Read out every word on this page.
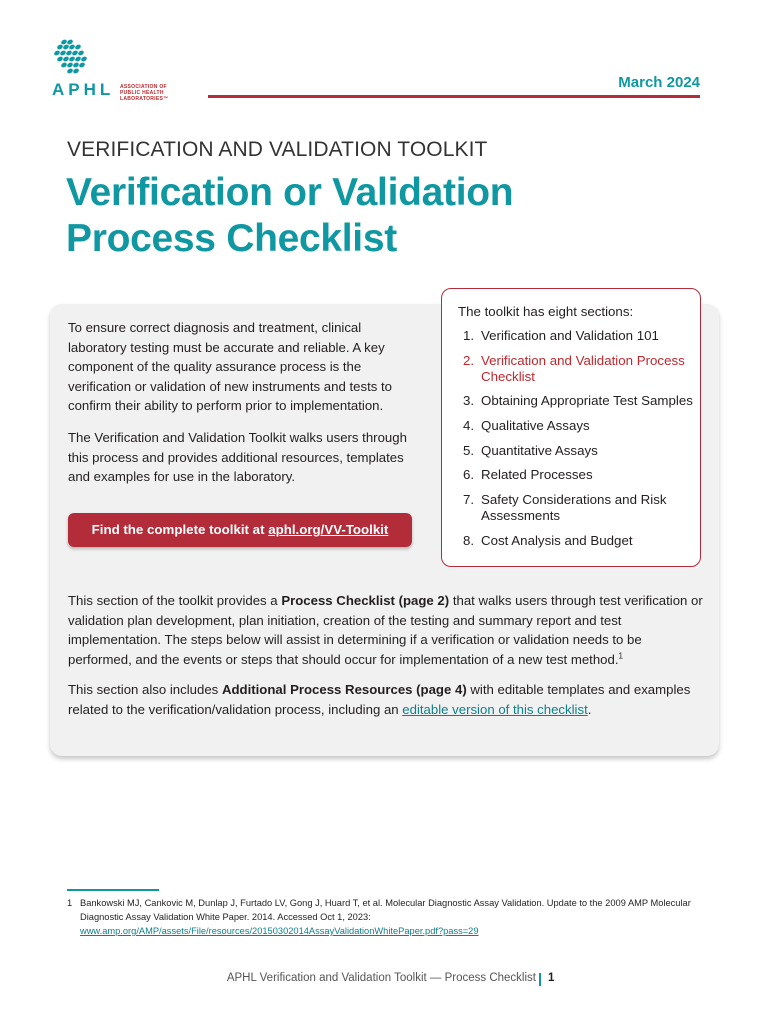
APHL ASSOCIATION OF
PUBLIC HEALTH LABORATORIES™
March 2024
VERIFICATION AND VALIDATION TOOLKIT
Verification or Validation
Process Checklist

To ensure correct diagnosis and treatment, clinical laboratory testing must be accurate and reliable. A key component of the quality assurance process is the verification or validation of new instruments and tests to confirm their ability to perform prior to implementation.

The Verification and Validation Toolkit walks users through this process and provides additional resources, templates and examples for use in the laboratory.

Find the complete toolkit at aphl.org/VV-Toolkit
The toolkit has eight sections:
1. Verification and Validation 101
2. Verification and Validation Process Checklist
3. Obtaining Appropriate Test Samples
4. Qualitative Assays
5. Quantitative Assays
6. Related Processes
7. Safety Considerations and Risk Assessments
8. Cost Analysis and Budget

This section of the toolkit provides a Process Checklist (page 2) that walks users through test verification or validation plan development, plan initiation, creation of the testing and summary report and test implementation. The steps below will assist in determining if a verification or validation needs to be performed, and the events or steps that should occur for implementation of a new test method.$^1$

This section also includes Additional Process Resources (page 4) with editable templates and examples related to the verification/validation process, including an editable version of this checklist.

1 Bankowski MJ, Cankovic M, Dunlap J, Furtado LV, Gong J, Huard T, et al. Molecular Diagnostic Assay Validation. Update to the 2009 AMP Molecular Diagnostic Assay Validation White Paper. 2014. Accessed Oct 1, 2023: www.amp.org/AMP/assets/File/resources/20150302014AssayValidationWhitePaper.pdf?pass=29
APHL Verification and Validation Toolkit — Process Checklist 1
